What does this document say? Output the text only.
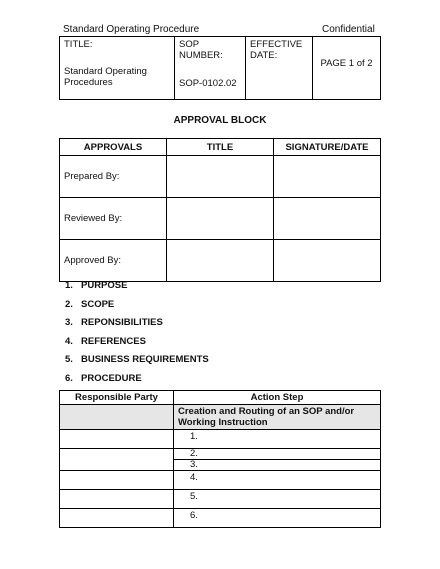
Standard Operating Procedure	Confidential
TITLE:
Standard Operating Procedures

SOP NUMBER:
SOP-0102.02

EFFECTIVE DATE:

PAGE 1 of 2
APPROVAL BLOCK
APPROVALS	TITLE	SIGNATURE/DATE
Prepared By:		
Reviewed By:		
Approved By:		
1. PURPOSE
2. SCOPE
3. REPONSIBILITIES
4. REFERENCES
5. BUSINESS REQUIREMENTS
6. PROCEDURE
Responsible Party	Action Step
	Creation and Routing of an SOP and/or Working Instruction
	1.
	2.
	3.
	4.
	5.
	6.
